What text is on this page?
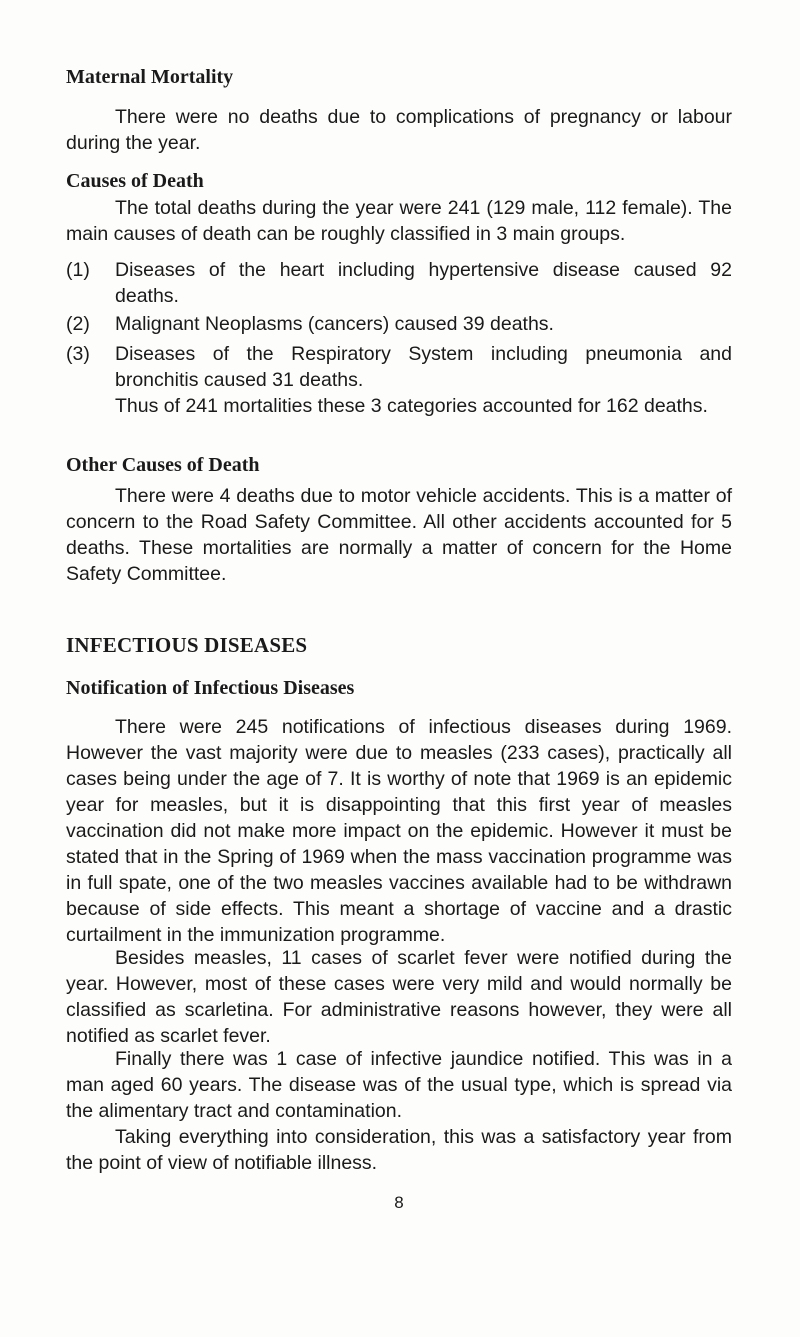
Maternal Mortality

There were no deaths due to complications of pregnancy or labour during the year.

Causes of Death

The total deaths during the year were 241 (129 male, 112 female). The main causes of death can be roughly classified in 3 main groups.

(1) Diseases of the heart including hypertensive disease caused 92 deaths.
(2) Malignant Neoplasms (cancers) caused 39 deaths.
(3) Diseases of the Respiratory System including pneumonia and bronchitis caused 31 deaths.
Thus of 241 mortalities these 3 categories accounted for 162 deaths.
Other Causes of Death

There were 4 deaths due to motor vehicle accidents. This is a matter of concern to the Road Safety Committee. All other accidents accounted for 5 deaths. These mortalities are normally a matter of concern for the Home Safety Committee.

INFECTIOUS DISEASES
Notification of Infectious Diseases

There were 245 notifications of infectious diseases during 1969. However the vast majority were due to measles (233 cases), practically all cases being under the age of 7. It is worthy of note that 1969 is an epidemic year for measles, but it is disappointing that this first year of measles vaccination did not make more impact on the epidemic. However it must be stated that in the Spring of 1969 when the mass vaccination programme was in full spate, one of the two measles vaccines available had to be withdrawn because of side effects. This meant a shortage of vaccine and a drastic curtailment in the immunization programme.

Besides measles, 11 cases of scarlet fever were notified during the year. However, most of these cases were very mild and would normally be classified as scarletina. For administrative reasons however, they were all notified as scarlet fever.

Finally there was 1 case of infective jaundice notified. This was in a man aged 60 years. The disease was of the usual type, which is spread via the alimentary tract and contamination.

Taking everything into consideration, this was a satisfactory year from the point of view of notifiable illness.

8
